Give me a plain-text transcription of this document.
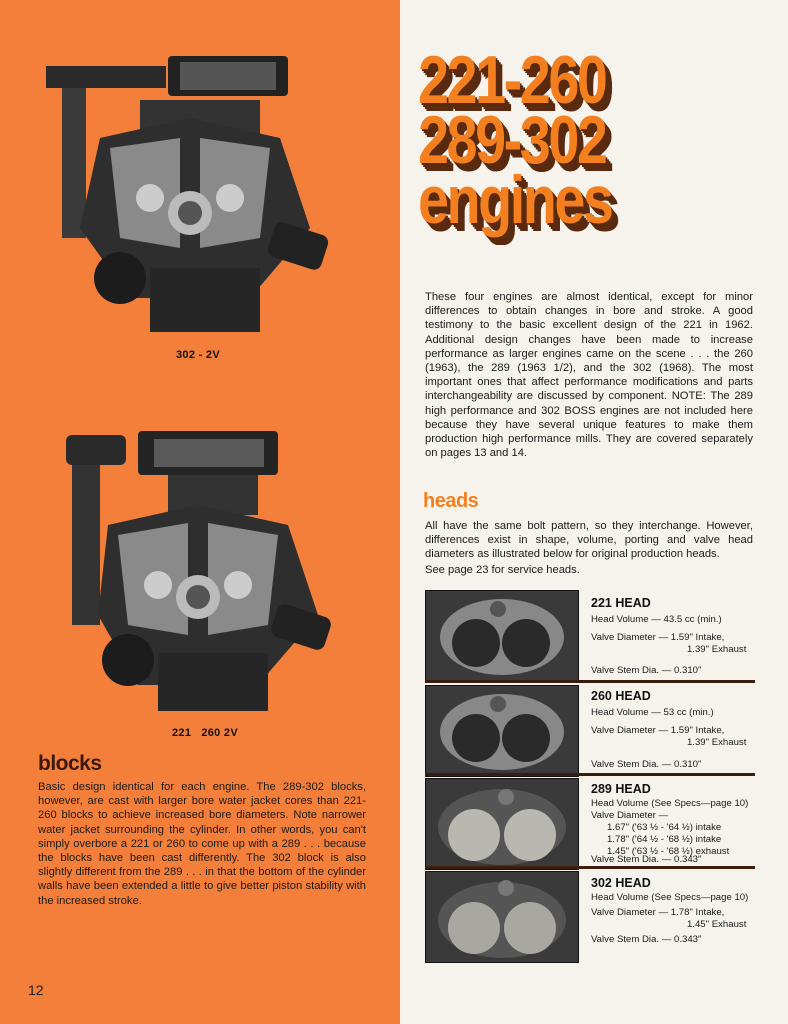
302 - 2V
221   260 2V
221-260
289-302
engines
These four engines are almost identical, except for minor differences to obtain changes in bore and stroke. A good testimony to the basic excellent design of the 221 in 1962. Additional design changes have been made to increase performance as larger engines came on the scene . . . the 260 (1963), the 289 (1963 1/2), and the 302 (1968). The most important ones that affect performance modifications and parts interchangeability are discussed by component. NOTE: The 289 high performance and 302 BOSS engines are not included here because they have several unique features to make them production high performance mills. They are covered separately on pages 13 and 14.
heads
All have the same bolt pattern, so they interchange. However, differences exist in shape, volume, porting and valve head diameters as illustrated below for original production heads.
See page 23 for service heads.
221 HEAD
Head Volume — 43.5 cc (min.)
Valve Diameter — 1.59" Intake,
1.39" Exhaust
Valve Stem Dia. — 0.310"
260 HEAD
Head Volume — 53 cc (min.)
Valve Diameter — 1.59" Intake,
1.39" Exhaust
Valve Stem Dia. — 0.310"
289 HEAD
Head Volume (See Specs—page 10)
Valve Diameter —
1.67" ('63 ½ - '64 ½) intake
1.78" ('64 ½ - '68 ½) intake
1.45" ('63 ½ - '68 ½) exhaust
Valve Stem Dia. — 0.343"
302 HEAD
Head Volume (See Specs—page 10)
Valve Diameter — 1.78" Intake,
1.45" Exhaust
Valve Stem Dia. — 0.343"
blocks
Basic design identical for each engine. The 289-302 blocks, however, are cast with larger bore water jacket cores than 221-260 blocks to achieve increased bore diameters. Note narrower water jacket surrounding the cylinder. In other words, you can't simply overbore a 221 or 260 to come up with a 289 . . . because the blocks have been cast differently. The 302 block is also slightly different from the 289 . . . in that the bottom of the cylinder walls have been extended a little to give better piston stability with the increased stroke.
12
